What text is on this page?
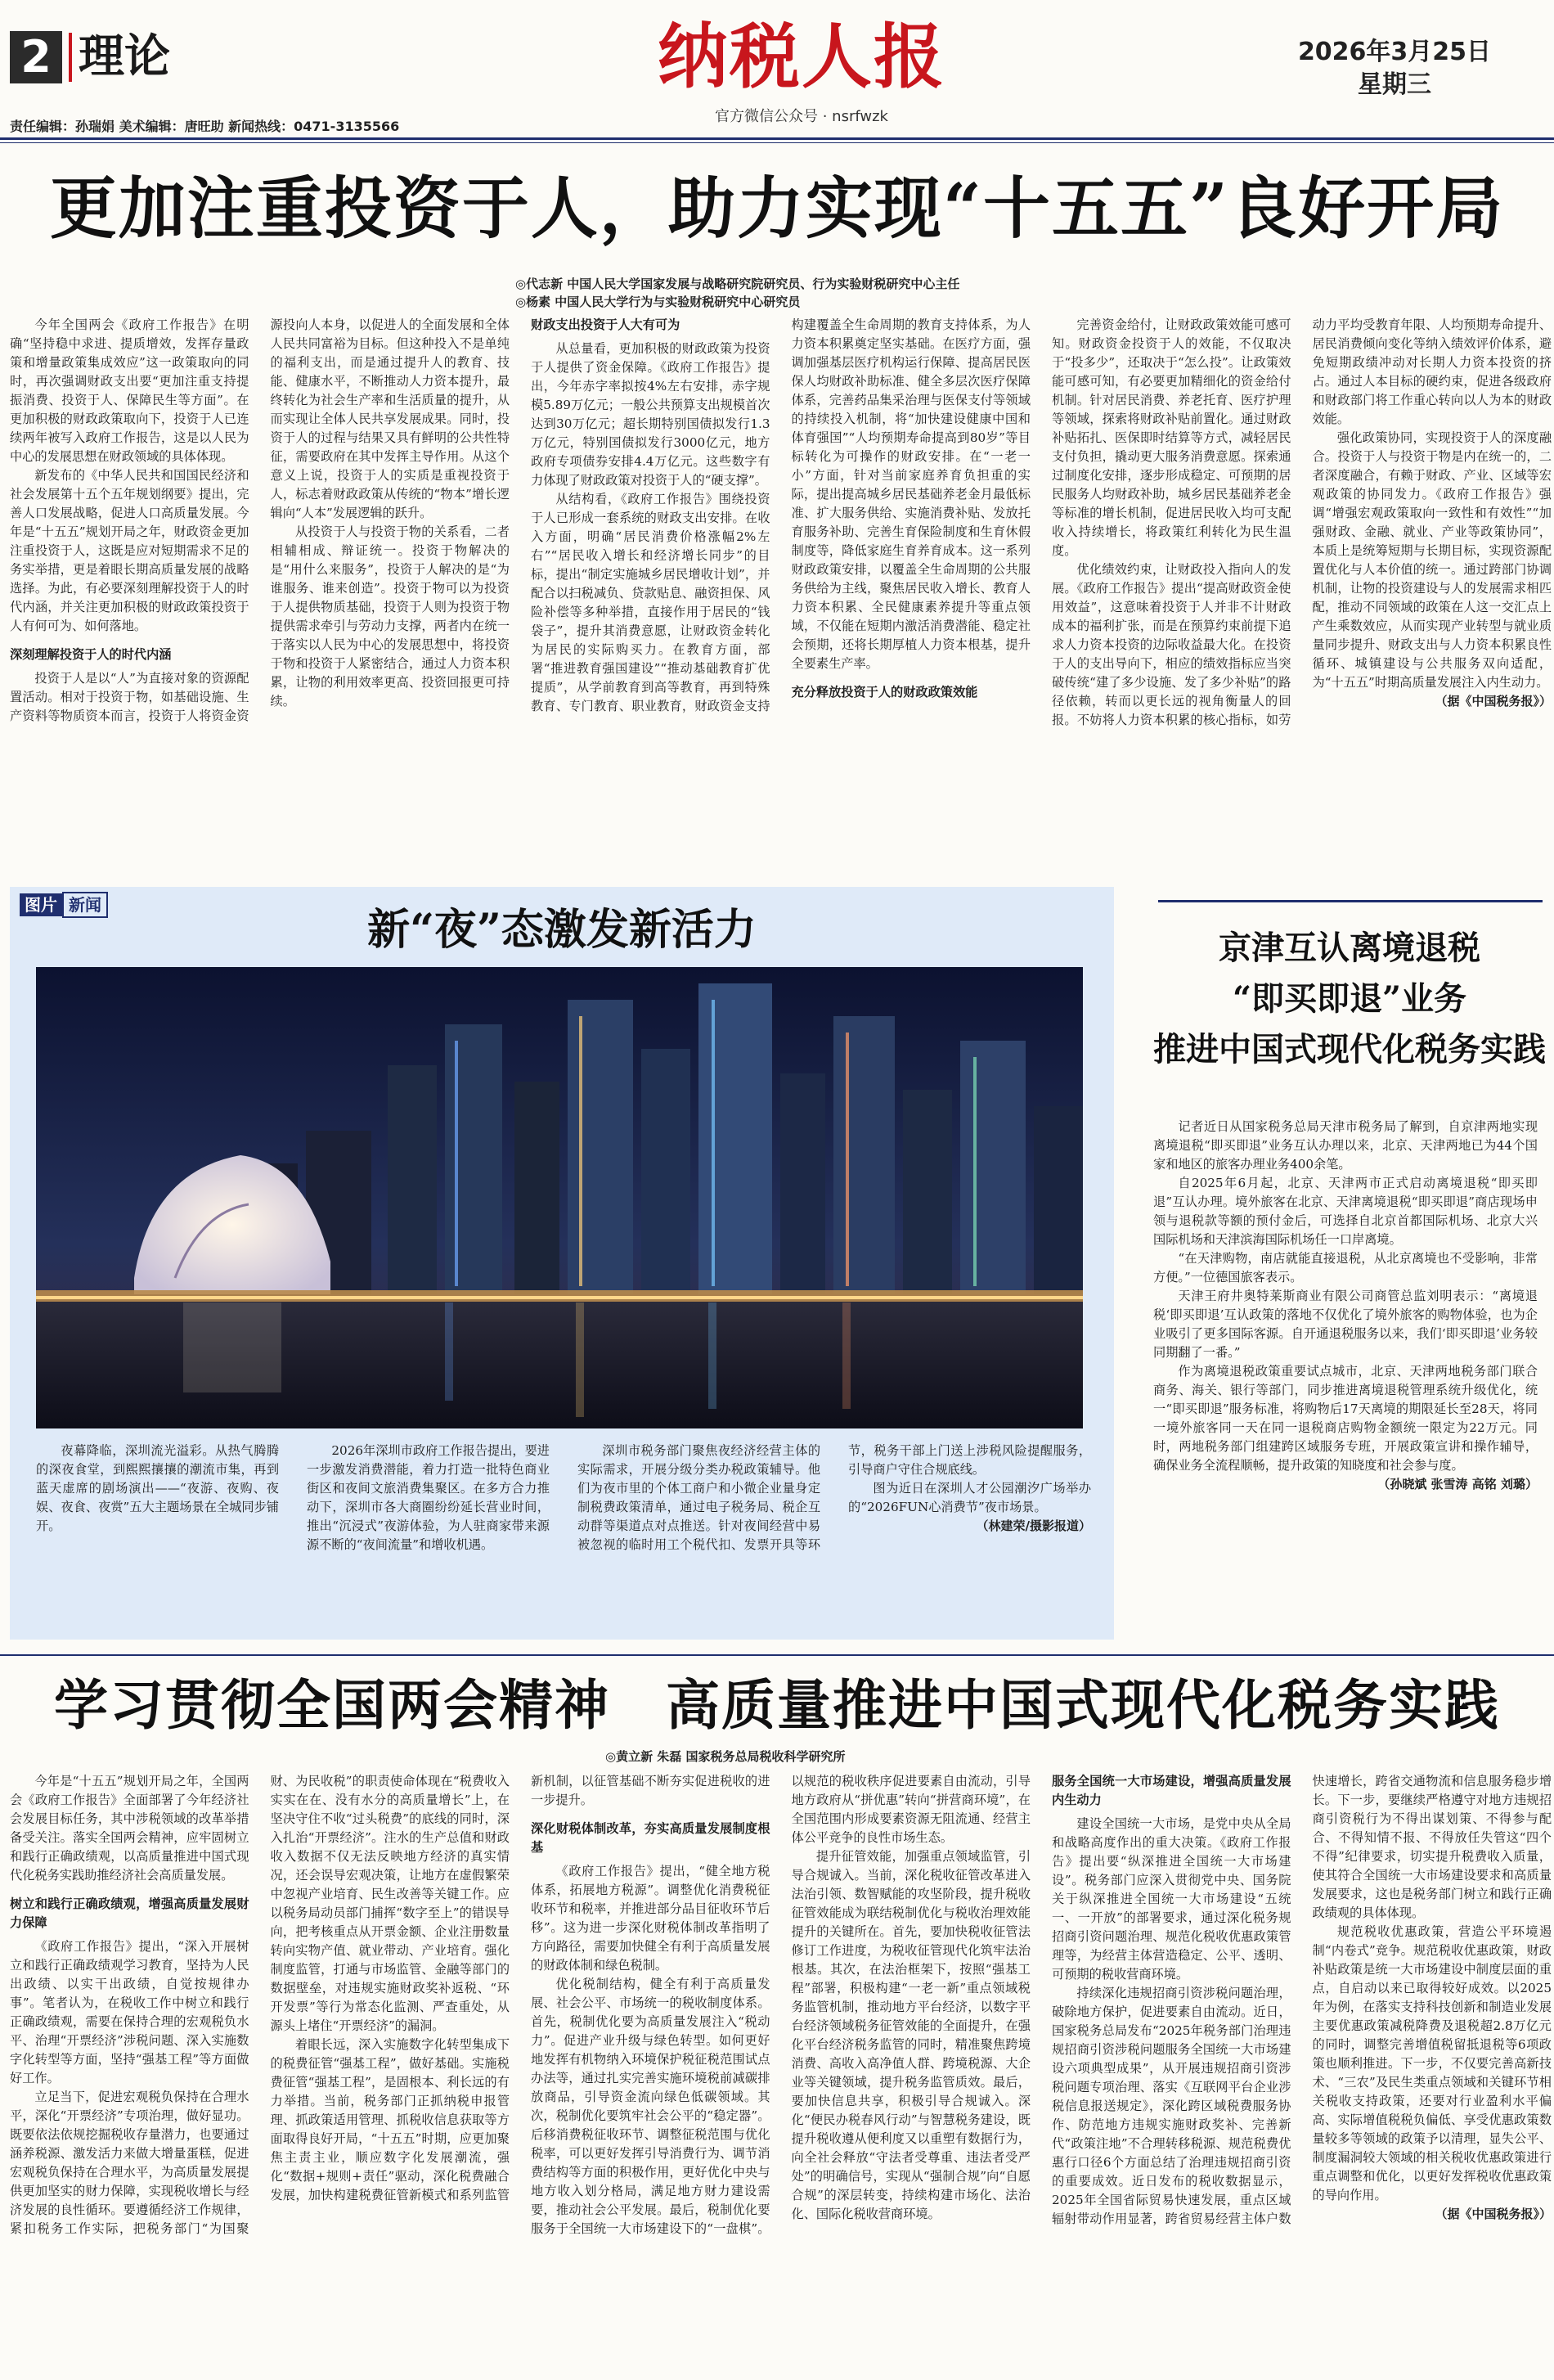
2 理论	纳税人报
官方微信公众号 · nsrfwzk
2026年3月25日
星期三
责任编辑：孙瑞娟 美术编辑：唐旺助 新闻热线：0471-3135566
更加注重投资于人，助力实现“十五五”良好开局
◎代志新 中国人民大学国家发展与战略研究院研究员、行为实验财税研究中心主任
◎杨素 中国人民大学行为与实验财税研究中心研究员

今年全国两会《政府工作报告》在明确“坚持稳中求进、提质增效，发挥存量政策和增量政策集成效应”这一政策取向的同时，再次强调财政支出要“更加注重支持提振消费、投资于人、保障民生等方面”。在更加积极的财政政策取向下，投资于人已连续两年被写入政府工作报告，这是以人民为中心的发展思想在财政领域的具体体现。

新发布的《中华人民共和国国民经济和社会发展第十五个五年规划纲要》提出，完善人口发展战略，促进人口高质量发展。今年是“十五五”规划开局之年，财政资金更加注重投资于人，这既是应对短期需求不足的务实举措，更是着眼长期高质量发展的战略选择。为此，有必要深刻理解投资于人的时代内涵，并关注更加积极的财政政策投资于人有何可为、如何落地。

深刻理解投资于人的时代内涵

投资于人是以“人”为直接对象的资源配置活动。相对于投资于物，如基础设施、生产资料等物质资本而言，投资于人将资金资源投向人本身，以促进人的全面发展和全体人民共同富裕为目标。但这种投入不是单纯的福利支出，而是通过提升人的教育、技能、健康水平，不断推动人力资本提升，最终转化为社会生产率和生活质量的提升，从而实现让全体人民共享发展成果。同时，投资于人的过程与结果又具有鲜明的公共性特征，需要政府在其中发挥主导作用。从这个意义上说，投资于人的实质是重视投资于人，标志着财政政策从传统的“物本”增长逻辑向“人本”发展逻辑的跃升。

从投资于人与投资于物的关系看，二者相辅相成、辩证统一。投资于物解决的是“用什么来服务”，投资于人解决的是“为谁服务、谁来创造”。投资于物可以为投资于人提供物质基础，投资于人则为投资于物提供需求牵引与劳动力支撑，两者内在统一于落实以人民为中心的发展思想中，将投资于物和投资于人紧密结合，通过人力资本积累，让物的利用效率更高、投资回报更可持续。

财政支出投资于人大有可为

从总量看，更加积极的财政政策为投资于人提供了资金保障。《政府工作报告》提出，今年赤字率拟按4%左右安排，赤字规模5.89万亿元；一般公共预算支出规模首次达到30万亿元；超长期特别国债拟发行1.3万亿元，特别国债拟发行3000亿元，地方政府专项债券安排4.4万亿元。这些数字有力体现了财政政策对投资于人的“硬支撑”。

从结构看，《政府工作报告》围绕投资于人已形成一套系统的财政支出安排。在收入方面，明确“居民消费价格涨幅2%左右”“居民收入增长和经济增长同步”的目标，提出“制定实施城乡居民增收计划”，并配合以扫税减负、贷款贴息、融资担保、风险补偿等多种举措，直接作用于居民的“钱袋子”，提升其消费意愿，让财政资金转化为居民的实际购买力。在教育方面，部署“推进教育强国建设”“推动基础教育扩优提质”，从学前教育到高等教育，再到特殊教育、专门教育、职业教育，财政资金支持构建覆盖全生命周期的教育支持体系，为人力资本积累奠定坚实基础。在医疗方面，强调加强基层医疗机构运行保障、提高居民医保人均财政补助标准、健全多层次医疗保障体系，完善药品集采治理与医保支付等领域的持续投入机制，将“加快建设健康中国和体育强国”“人均预期寿命提高到80岁”等目标转化为可操作的财政安排。在“一老一小”方面，针对当前家庭养育负担重的实际，提出提高城乡居民基础养老金月最低标准、扩大服务供给、实施消费补贴、发放托育服务补助、完善生育保险制度和生育休假制度等，降低家庭生育养育成本。这一系列财政政策安排，以覆盖全生命周期的公共服务供给为主线，聚焦居民收入增长、教育人力资本积累、全民健康素养提升等重点领域，不仅能在短期内激活消费潜能、稳定社会预期，还将长期厚植人力资本根基，提升全要素生产率。

充分释放投资于人的财政政策效能

完善资金给付，让财政政策效能可感可知。财政资金投资于人的效能，不仅取决于“投多少”，还取决于“怎么投”。让政策效能可感可知，有必要更加精细化的资金给付机制。针对居民消费、养老托育、医疗护理等领域，探索将财政补贴前置化。通过财政补贴拓扎、医保即时结算等方式，减轻居民支付负担，撬动更大服务消费意愿。探索通过制度化安排，逐步形成稳定、可预期的居民服务人均财政补助，城乡居民基础养老金等标准的增长机制，促进居民收入均可支配收入持续增长，将政策红利转化为民生温度。

优化绩效约束，让财政投入指向人的发展。《政府工作报告》提出“提高财政资金使用效益”，这意味着投资于人并非不计财政成本的福利扩张，而是在预算约束前提下追求人力资本投资的边际收益最大化。在投资于人的支出导向下，相应的绩效指标应当突破传统“建了多少设施、发了多少补贴”的路径依赖，转而以更长远的视角衡量人的回报。不妨将人力资本积累的核心指标，如劳动力平均受教育年限、人均预期寿命提升、居民消费倾向变化等纳入绩效评价体系，避免短期政绩冲动对长期人力资本投资的挤占。通过人本目标的硬约束，促进各级政府和财政部门将工作重心转向以人为本的财政效能。

强化政策协同，实现投资于人的深度融合。投资于人与投资于物是内在统一的，二者深度融合，有赖于财政、产业、区域等宏观政策的协同发力。《政府工作报告》强调“增强宏观政策取向一致性和有效性”“加强财政、金融、就业、产业等政策协同”，本质上是统筹短期与长期目标，实现资源配置优化与人本价值的统一。通过跨部门协调机制，让物的投资建设与人的发展需求相匹配，推动不同领域的政策在人这一交汇点上产生乘数效应，从而实现产业转型与就业质量同步提升、财政支出与人力资本积累良性循环、城镇建设与公共服务双向适配，为“十五五”时期高质量发展注入内生动力。

（据《中国税务报》）

图片 新闻	新“夜”态激发新活力

夜幕降临，深圳流光溢彩。从热气腾腾的深夜食堂，到熙熙攘攘的潮流市集，再到蓝天虚席的剧场演出——“夜游、夜购、夜娱、夜食、夜赏”五大主题场景在全城同步铺开。

2026年深圳市政府工作报告提出，要进一步激发消费潜能，着力打造一批特色商业街区和夜间文旅消费集聚区。在多方合力推动下，深圳市各大商圈纷纷延长营业时间，推出“沉浸式”夜游体验，为人驻商家带来源源不断的“夜间流量”和增收机遇。

深圳市税务部门聚焦夜经济经营主体的实际需求，开展分级分类办税政策辅导。他们为夜市里的个体工商户和小微企业量身定制税费政策清单，通过电子税务局、税企互动群等渠道点对点推送。针对夜间经营中易被忽视的临时用工个税代扣、发票开具等环节，税务干部上门送上涉税风险提醒服务，引导商户守住合规底线。

图为近日在深圳人才公园潮汐广场举办的“2026FUN心消费节”夜市场景。

（林建荣/摄影报道）

京津互认离境退税
“即买即退”业务
推进中国式现代化税务实践

记者近日从国家税务总局天津市税务局了解到，自京津两地实现离境退税“即买即退”业务互认办理以来，北京、天津两地已为44个国家和地区的旅客办理业务400余笔。

自2025年6月起，北京、天津两市正式启动离境退税“即买即退”互认办理。境外旅客在北京、天津离境退税“即买即退”商店现场申领与退税款等额的预付金后，可选择自北京首都国际机场、北京大兴国际机场和天津滨海国际机场任一口岸离境。

“在天津购物，南店就能直接退税，从北京离境也不受影响，非常方便。”一位德国旅客表示。

天津王府井奥特莱斯商业有限公司商管总监刘明表示：“离境退税‘即买即退’互认政策的落地不仅优化了境外旅客的购物体验，也为企业吸引了更多国际客源。自开通退税服务以来，我们‘即买即退’业务较同期翻了一番。”

作为离境退税政策重要试点城市，北京、天津两地税务部门联合商务、海关、银行等部门，同步推进离境退税管理系统升级优化，统一“即买即退”服务标准，将购物后17天离境的期限延长至28天，将同一境外旅客同一天在同一退税商店购物金额统一限定为22万元。同时，两地税务部门组建跨区域服务专班，开展政策宣讲和操作辅导，确保业务全流程顺畅，提升政策的知晓度和社会参与度。

（孙晓斌 张雪涛 高铭 刘璐）

学习贯彻全国两会精神　高质量推进中国式现代化税务实践
◎黄立新 朱磊 国家税务总局税收科学研究所

今年是“十五五”规划开局之年，全国两会《政府工作报告》全面部署了今年经济社会发展目标任务，其中涉税领域的改革举措备受关注。落实全国两会精神，应牢固树立和践行正确政绩观，以高质量推进中国式现代化税务实践助推经济社会高质量发展。

树立和践行正确政绩观，增强高质量发展财力保障

《政府工作报告》提出，“深入开展树立和践行正确政绩观学习教育，坚持为人民出政绩、以实干出政绩，自觉按规律办事”。笔者认为，在税收工作中树立和践行正确政绩观，需要在保持合理的宏观税负水平、治理“开票经济”涉税问题、深入实施数字化转型等方面，坚持“强基工程”等方面做好工作。

立足当下，促进宏观税负保持在合理水平，深化“开票经济”专项治理，做好显功。既要依法依规挖掘税收存量潜力，也要通过涵养税源、激发活力来做大增量蛋糕，促进宏观税负保持在合理水平，为高质量发展提供更加坚实的财力保障，实现税收增长与经济发展的良性循环。要遵循经济工作规律，紧扣税务工作实际，把税务部门“为国聚财、为民收税”的职责使命体现在“税费收入实实在在、没有水分的高质量增长”上，在坚决守住不收“过头税费”的底线的同时，深入扎治“开票经济”。注水的生产总值和财政收入数据不仅无法反映地方经济的真实情况，还会误导宏观决策，让地方在虚假繁荣中忽视产业培育、民生改善等关键工作。应以税务局动员部门捕挥“数字至上”的错误导向，把考核重点从开票金额、企业注册数量转向实物产值、就业带动、产业培育。强化制度监管，打通与市场监管、金融等部门的数据壁垒，对违规实施财政奖补返税、“环开发票”等行为常态化监测、严查重处，从源头上堵住“开票经济”的漏洞。

着眼长远，深入实施数字化转型集成下的税费征管“强基工程”，做好基础。实施税费征管“强基工程”，是固根本、利长远的有力举措。当前，税务部门正抓纳税申报管理、抓政策适用管理、抓税收信息获取等方面取得良好开局，“十五五”时期，应更加聚焦主责主业，顺应数字化发展潮流，强化“数据+规则+责任”驱动，深化税费融合发展，加快构建税费征管新模式和系列监管新机制，以征管基础不断夯实促进税收的进一步提升。

深化财税体制改革，夯实高质量发展制度根基

《政府工作报告》提出，“健全地方税体系，拓展地方税源”。调整优化消费税征收环节和税率，并推进部分品目征收环节后移”。这为进一步深化财税体制改革指明了方向路径，需要加快健全有利于高质量发展的财政体制和绿色税制。

优化税制结构，健全有利于高质量发展、社会公平、市场统一的税收制度体系。首先，税制优化要为高质量发展注入“税动力”。促进产业升级与绿色转型。如何更好地发挥有机物纳入环境保护税征税范围试点办法等，通过扎实完善实施环境税前减碳排放商品，引导资金流向绿色低碳领域。其次，税制优化要筑牢社会公平的“稳定器”。后移消费税征收环节、调整征税范围与优化税率，可以更好发挥引导消费行为、调节消费结构等方面的积极作用，更好优化中央与地方收入划分格局，满足地方财力建设需要，推动社会公平发展。最后，税制优化要服务于全国统一大市场建设下的“一盘棋”。以规范的税收秩序促进要素自由流动，引导地方政府从“拼优惠”转向“拼营商环境”，在全国范围内形成要素资源无阻流通、经营主体公平竞争的良性市场生态。

提升征管效能，加强重点领域监管，引导合规诚入。当前，深化税收征管改革进入法治引领、数智赋能的攻坚阶段，提升税收征管效能成为联结税制优化与税收治理效能提升的关键所在。首先，要加快税收征管法修订工作进度，为税收征管现代化筑牢法治根基。其次，在法治框架下，按照“强基工程”部署，积极构建“一老一新”重点领域税务监管机制，推动地方平台经济，以数字平台经济领域税务征管效能的全面提升，在强化平台经济税务监管的同时，精准聚焦跨境消费、高收入高净值人群、跨境税源、大企业等关键领域，提升税务监管质效。最后，要加快信息共享，积极引导合规诚入。深化“便民办税春风行动”与智慧税务建设，既提升税收遵从便利度又以重塑有数据行为，向全社会释放“守法者受尊重、违法者受严处”的明确信号，实现从“强制合规”向“自愿合规”的深层转变，持续构建市场化、法治化、国际化税收营商环境。

服务全国统一大市场建设，增强高质量发展内生动力

建设全国统一大市场，是党中央从全局和战略高度作出的重大决策。《政府工作报告》提出要“纵深推进全国统一大市场建设”。税务部门应深入贯彻党中央、国务院关于纵深推进全国统一大市场建设“五统一、一开放”的部署要求，通过深化税务规招商引资问题治理、规范化税收优惠政策管理等，为经营主体营造稳定、公平、透明、可预期的税收营商环境。

持续深化违规招商引资涉税问题治理，破除地方保护，促进要素自由流动。近日，国家税务总局发布“2025年税务部门治理违规招商引资涉税问题服务全国统一大市场建设六项典型成果”，从开展违规招商引资涉税问题专项治理、落实《互联网平台企业涉税信息报送规定》，深化跨区域税费服务协作、防范地方违规实施财政奖补、完善新代“政策注地”不合理转移税源、规范税费优惠行口径6个方面总结了治理违规招商引资的重要成效。近日发布的税收数据显示，2025年全国省际贸易快速发展，重点区域辐射带动作用显著，跨省贸易经营主体户数快速增长，跨省交通物流和信息服务稳步增长。下一步，要继续严格遵守对地方违规招商引资税行为不得出谋划策、不得参与配合、不得知情不报、不得放任失管这“四个不得”纪律要求，切实提升税费收入质量，使其符合全国统一大市场建设要求和高质量发展要求，这也是税务部门树立和践行正确政绩观的具体体现。

规范税收优惠政策，营造公平环境遏制“内卷式”竞争。规范税收优惠政策，财政补贴政策是统一大市场建设中制度层面的重点，自启动以来已取得较好成效。以2025年为例，在落实支持科技创新和制造业发展主要优惠政策减税降费及退税超2.8万亿元的同时，调整完善增值税留抵退税等6项政策也顺利推进。下一步，不仅要完善高新技术、“三农”及民生类重点领域和关键环节相关税收支持政策，还要对行业盈利水平偏高、实际增值税税负偏低、享受优惠政策数量较多等领域的政策予以清理，显失公平、制度漏洞较大领域的相关税收优惠政策进行重点调整和优化，以更好发挥税收优惠政策的导向作用。

（据《中国税务报》）
